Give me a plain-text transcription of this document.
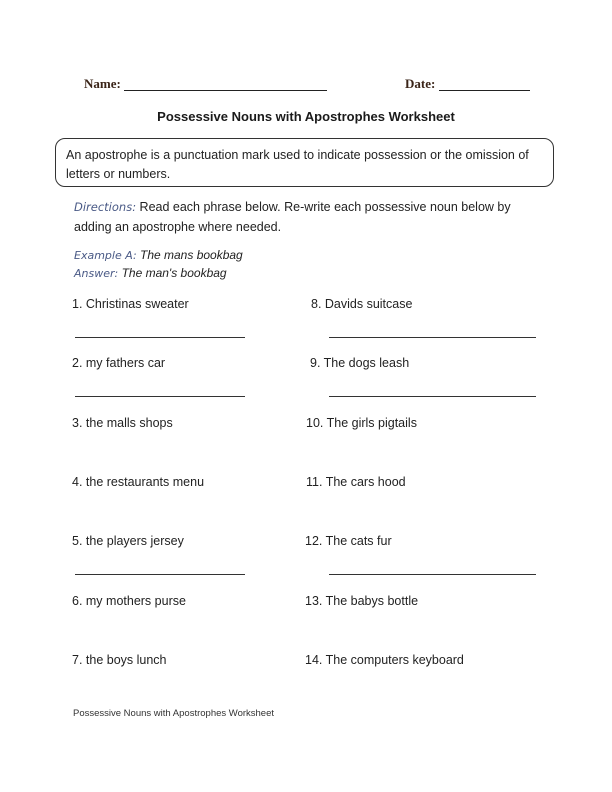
Name:	Date:
Possessive Nouns with Apostrophes Worksheet
An apostrophe is a punctuation mark used to indicate possession or the omission of letters or numbers.
Directions: Read each phrase below. Re-write each possessive noun below by adding an apostrophe where needed.
Example A: The mans bookbag
Answer: The man's bookbag
1. Christinas sweater
2. my fathers car
3. the malls shops
4. the restaurants menu
5. the players jersey
6. my mothers purse
7. the boys lunch
8. Davids suitcase
9. The dogs leash
10. The girls pigtails
11. The cars hood
12. The cats fur
13. The babys bottle
14. The computers keyboard
Possessive Nouns with Apostrophes Worksheet
